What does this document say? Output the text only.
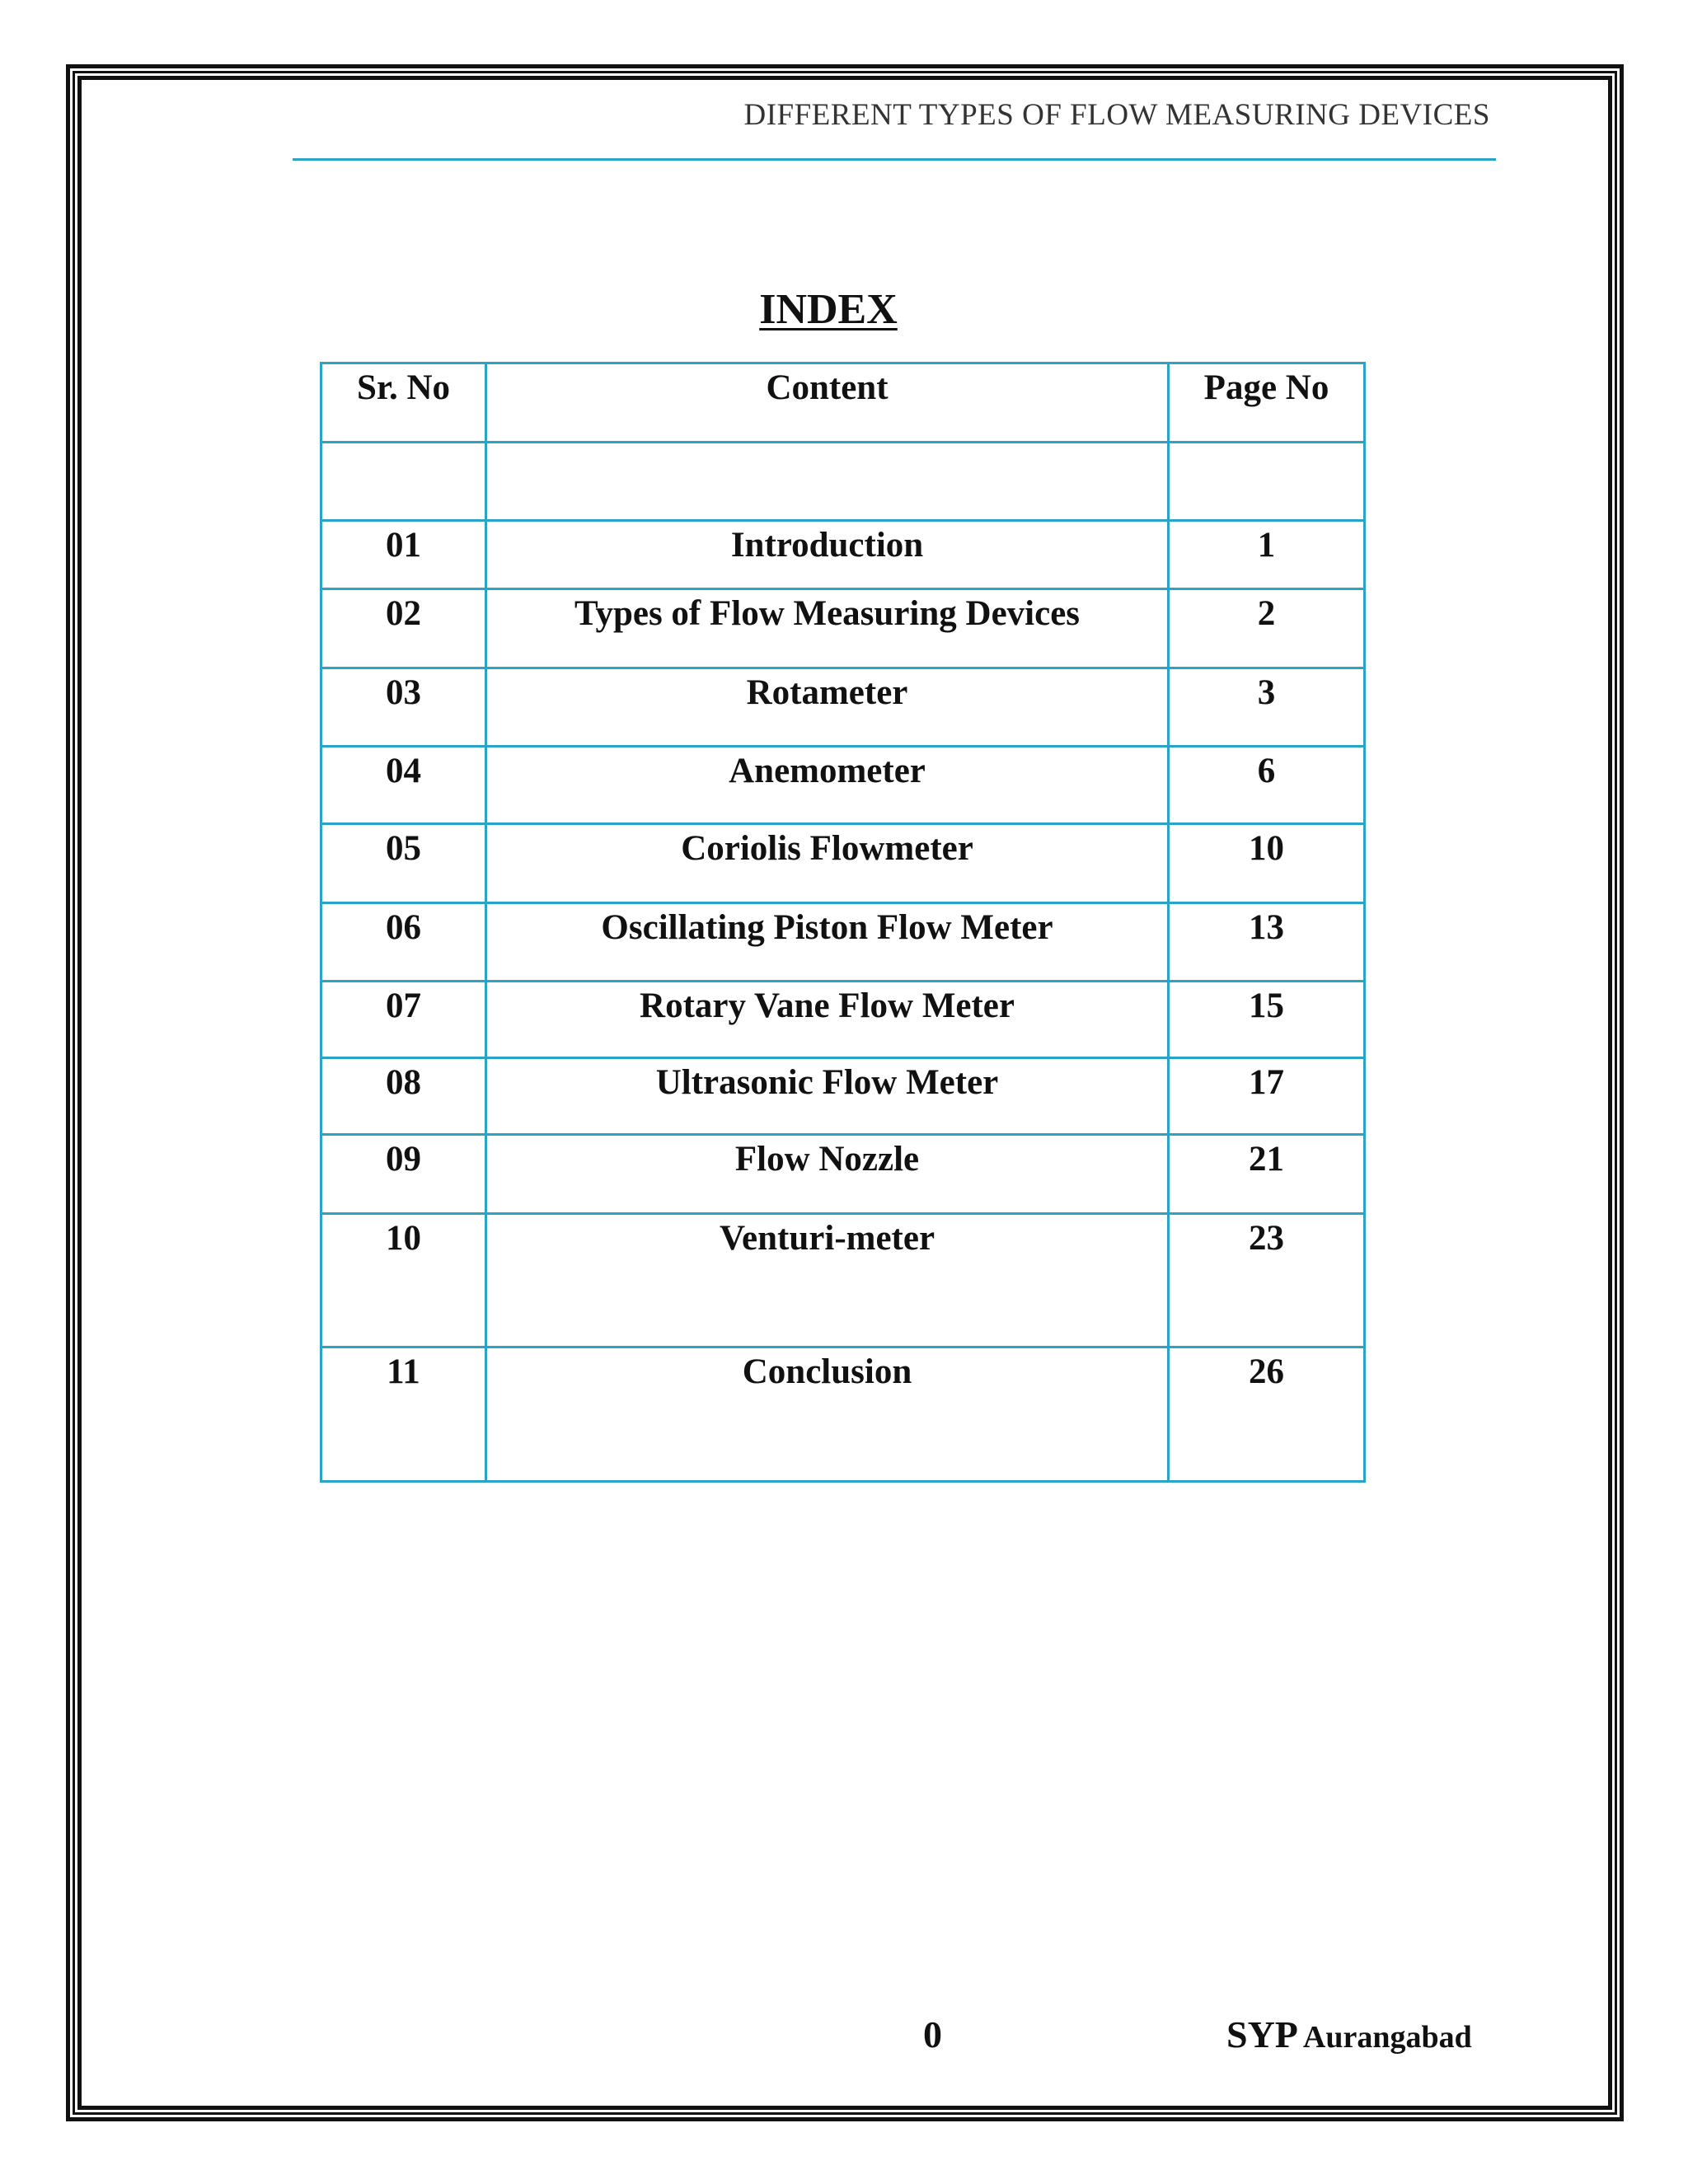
DIFFERENT TYPES OF FLOW MEASURING DEVICES
INDEX
Sr. No	Content	Page No

01	Introduction	1

02	Types of Flow Measuring Devices	2

03	Rotameter	3

04	Anemometer	6

05	Coriolis Flowmeter	10

06	Oscillating Piston Flow Meter	13

07	Rotary Vane Flow Meter	15

08	Ultrasonic Flow Meter	17

09	Flow Nozzle	21

10	Venturi-meter	23

11	Conclusion	26
0	SYP Aurangabad
